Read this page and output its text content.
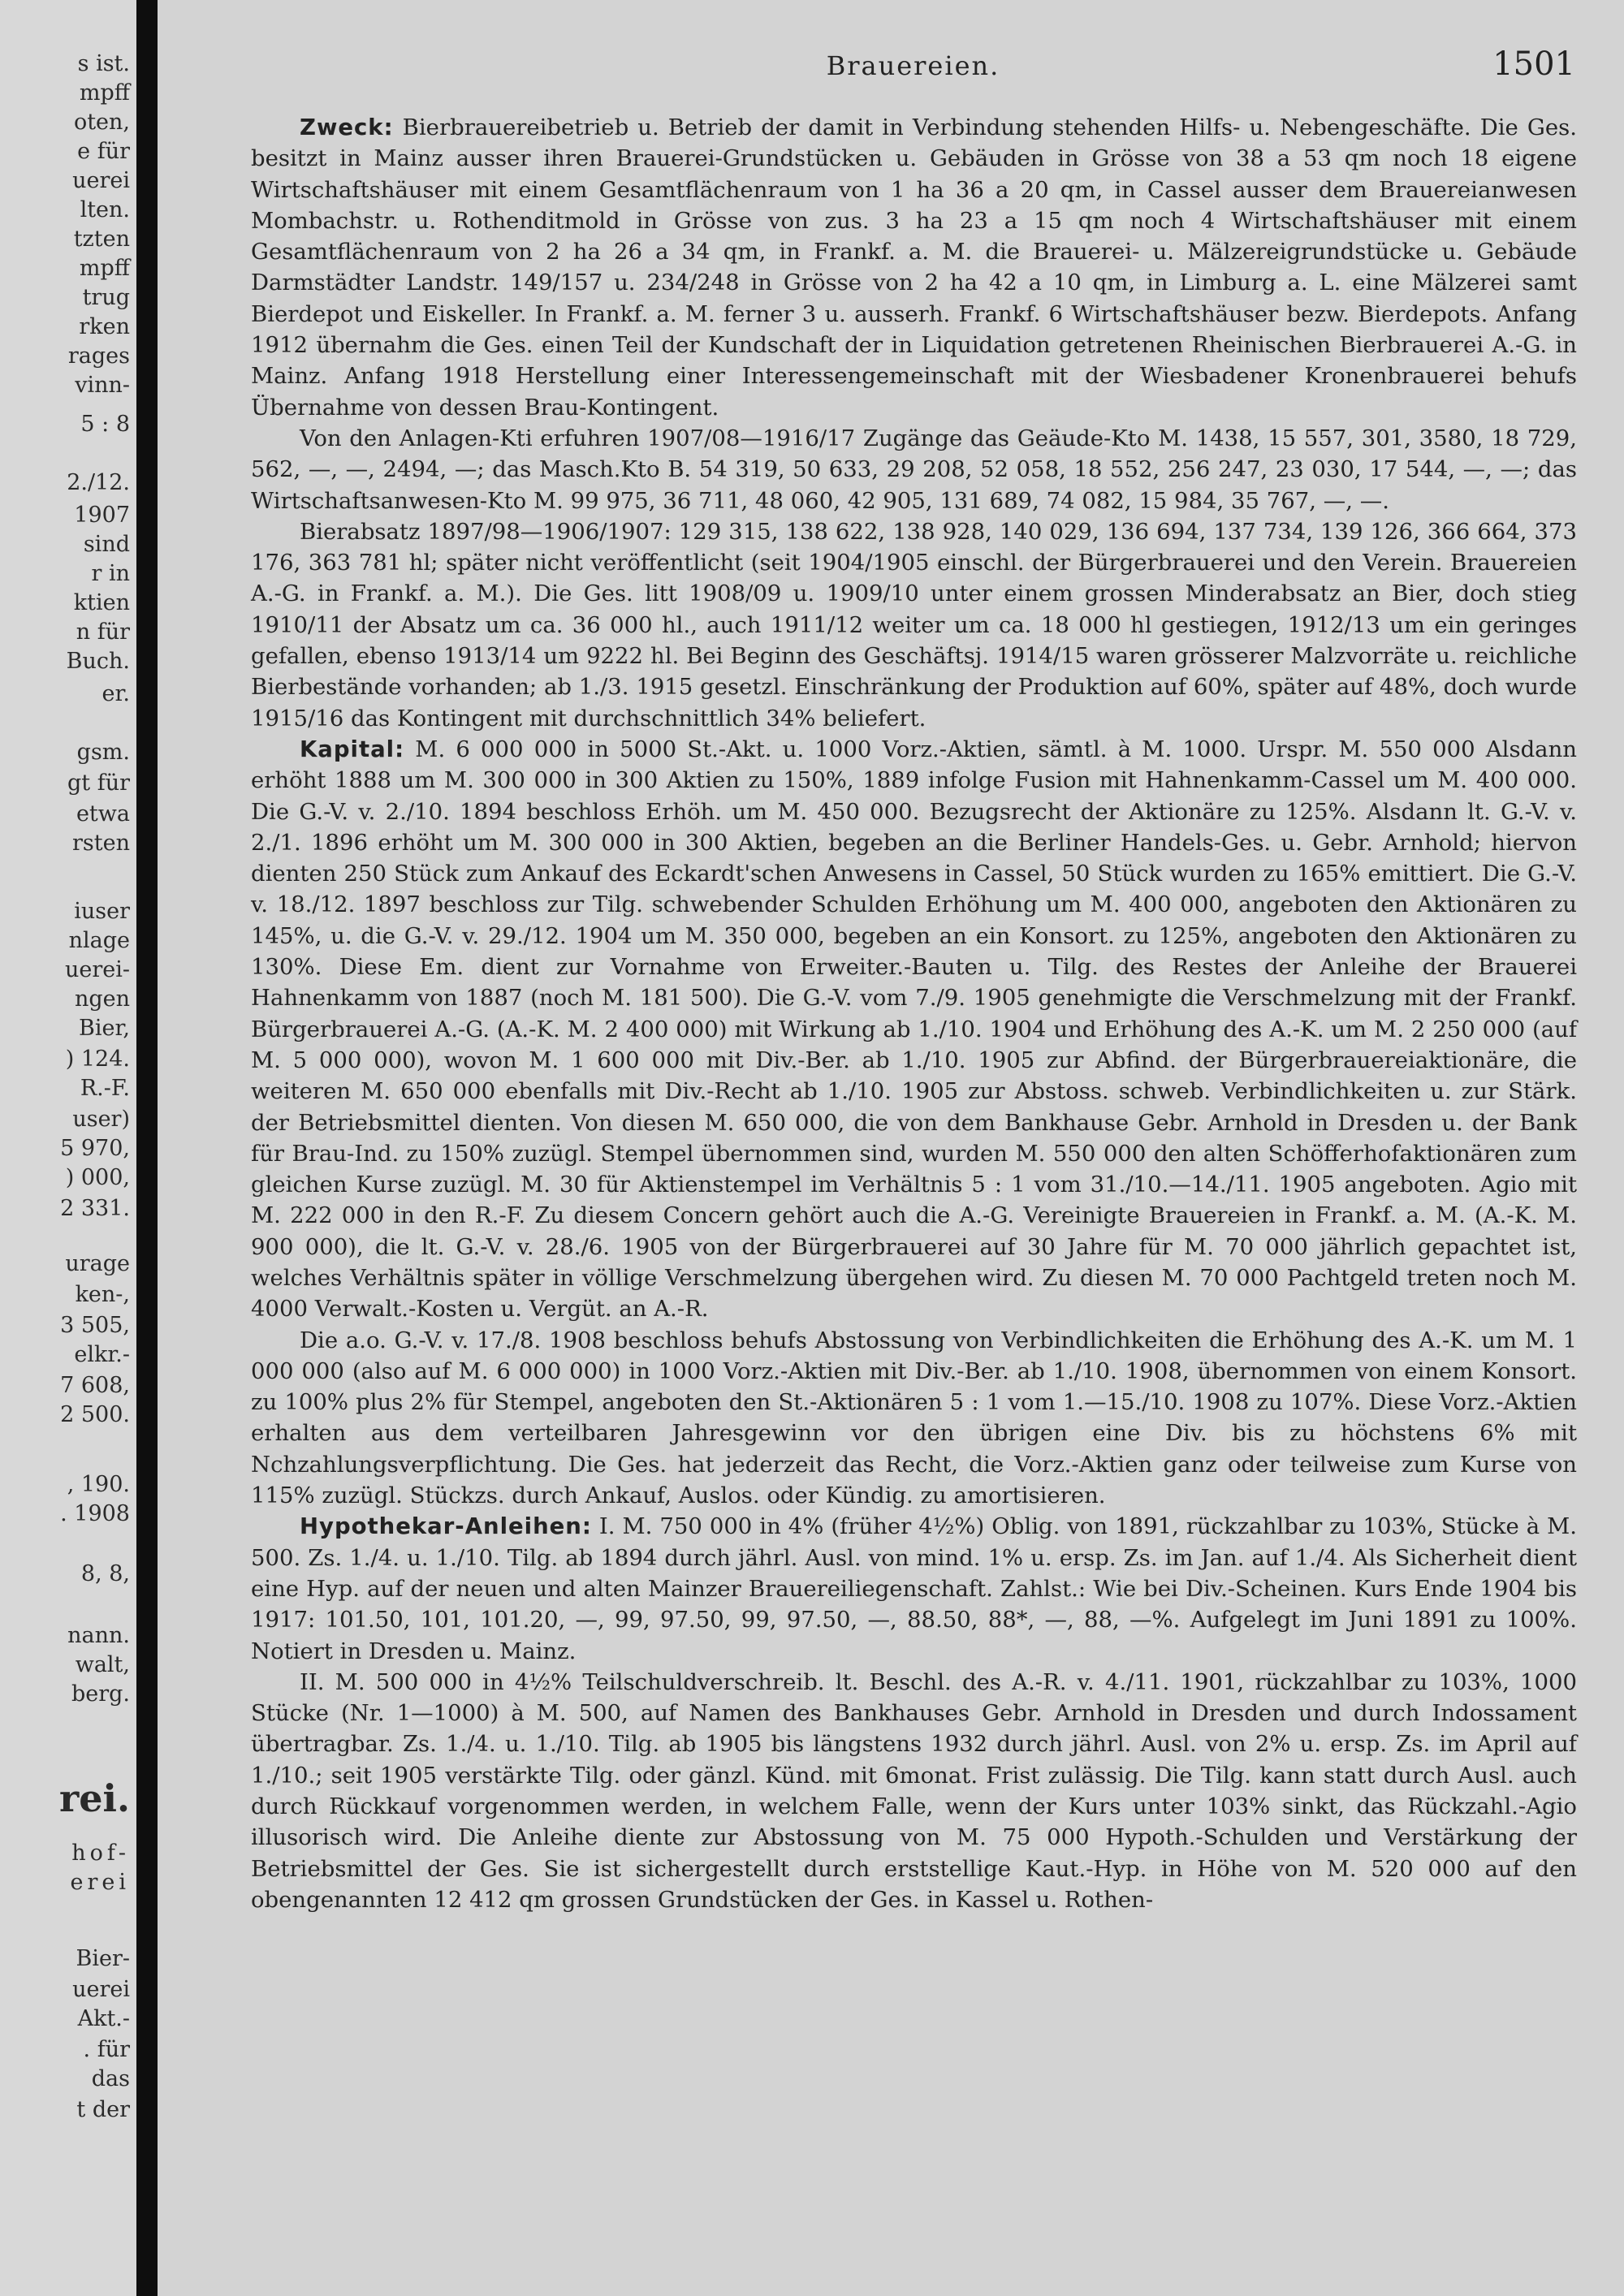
s ist.
mpff
oten,
e für
uerei
lten.
tzten
mpff
trug
rken
rages
vinn-
5 : 8
2./12.
1907
sind
r in
ktien
n für
Buch.
er.
gsm.
gt für
etwa
rsten
iuser
nlage
uerei-
ngen
Bier,
) 124.
R.-F.
user)
5 970,
) 000,
2 331.
urage
ken-,
3 505,
elkr.-
7 608,
2 500.
, 190.
. 1908
8, 8,
nann.
walt,
berg.
rei.
hof-
erei
Bier-
uerei
Akt.-
. für
das
t der
Brauereien.	1501

Zweck: Bierbrauereibetrieb u. Betrieb der damit in Verbindung stehenden Hilfs- u. Nebengeschäfte. Die Ges. besitzt in Mainz ausser ihren Brauerei-Grundstücken u. Gebäuden in Grösse von 38 a 53 qm noch 18 eigene Wirtschaftshäuser mit einem Gesamtflächenraum von 1 ha 36 a 20 qm, in Cassel ausser dem Brauereianwesen Mombachstr. u. Rothenditmold in Grösse von zus. 3 ha 23 a 15 qm noch 4 Wirtschaftshäuser mit einem Gesamtflächenraum von 2 ha 26 a 34 qm, in Frankf. a. M. die Brauerei- u. Mälzereigrundstücke u. Gebäude Darmstädter Landstr. 149/157 u. 234/248 in Grösse von 2 ha 42 a 10 qm, in Limburg a. L. eine Mälzerei samt Bierdepot und Eiskeller. In Frankf. a. M. ferner 3 u. ausserh. Frankf. 6 Wirtschaftshäuser bezw. Bierdepots. Anfang 1912 übernahm die Ges. einen Teil der Kundschaft der in Liquidation getretenen Rheinischen Bierbrauerei A.-G. in Mainz. Anfang 1918 Herstellung einer Interessengemeinschaft mit der Wiesbadener Kronenbrauerei behufs Übernahme von dessen Brau-Kontingent.

Von den Anlagen-Kti erfuhren 1907/08—1916/17 Zugänge das Geäude-Kto M. 1438, 15 557, 301, 3580, 18 729, 562, —, —, 2494, —; das Masch.Kto B. 54 319, 50 633, 29 208, 52 058, 18 552, 256 247, 23 030, 17 544, —, —; das Wirtschaftsanwesen-Kto M. 99 975, 36 711, 48 060, 42 905, 131 689, 74 082, 15 984, 35 767, —, —.

Bierabsatz 1897/98—1906/1907: 129 315, 138 622, 138 928, 140 029, 136 694, 137 734, 139 126, 366 664, 373 176, 363 781 hl; später nicht veröffentlicht (seit 1904/1905 einschl. der Bürgerbrauerei und den Verein. Brauereien A.-G. in Frankf. a. M.). Die Ges. litt 1908/09 u. 1909/10 unter einem grossen Minderabsatz an Bier, doch stieg 1910/11 der Absatz um ca. 36 000 hl., auch 1911/12 weiter um ca. 18 000 hl gestiegen, 1912/13 um ein geringes gefallen, ebenso 1913/14 um 9222 hl. Bei Beginn des Geschäftsj. 1914/15 waren grösserer Malzvorräte u. reichliche Bierbestände vorhanden; ab 1./3. 1915 gesetzl. Einschränkung der Produktion auf 60%, später auf 48%, doch wurde 1915/16 das Kontingent mit durchschnittlich 34% beliefert.

Kapital: M. 6 000 000 in 5000 St.-Akt. u. 1000 Vorz.-Aktien, sämtl. à M. 1000. Urspr. M. 550 000 Alsdann erhöht 1888 um M. 300 000 in 300 Aktien zu 150%, 1889 infolge Fusion mit Hahnenkamm-Cassel um M. 400 000. Die G.-V. v. 2./10. 1894 beschloss Erhöh. um M. 450 000. Bezugsrecht der Aktionäre zu 125%. Alsdann lt. G.-V. v. 2./1. 1896 erhöht um M. 300 000 in 300 Aktien, begeben an die Berliner Handels-Ges. u. Gebr. Arnhold; hiervon dienten 250 Stück zum Ankauf des Eckardt'schen Anwesens in Cassel, 50 Stück wurden zu 165% emittiert. Die G.-V. v. 18./12. 1897 beschloss zur Tilg. schwebender Schulden Erhöhung um M. 400 000, angeboten den Aktionären zu 145%, u. die G.-V. v. 29./12. 1904 um M. 350 000, begeben an ein Konsort. zu 125%, angeboten den Aktionären zu 130%. Diese Em. dient zur Vornahme von Erweiter.-Bauten u. Tilg. des Restes der Anleihe der Brauerei Hahnenkamm von 1887 (noch M. 181 500). Die G.-V. vom 7./9. 1905 genehmigte die Verschmelzung mit der Frankf. Bürgerbrauerei A.-G. (A.-K. M. 2 400 000) mit Wirkung ab 1./10. 1904 und Erhöhung des A.-K. um M. 2 250 000 (auf M. 5 000 000), wovon M. 1 600 000 mit Div.-Ber. ab 1./10. 1905 zur Abfind. der Bürgerbrauereiaktionäre, die weiteren M. 650 000 ebenfalls mit Div.-Recht ab 1./10. 1905 zur Abstoss. schweb. Verbindlichkeiten u. zur Stärk. der Betriebsmittel dienten. Von diesen M. 650 000, die von dem Bankhause Gebr. Arnhold in Dresden u. der Bank für Brau-Ind. zu 150% zuzügl. Stempel übernommen sind, wurden M. 550 000 den alten Schöfferhofaktionären zum gleichen Kurse zuzügl. M. 30 für Aktienstempel im Verhältnis 5 : 1 vom 31./10.—14./11. 1905 angeboten. Agio mit M. 222 000 in den R.-F. Zu diesem Concern gehört auch die A.-G. Vereinigte Brauereien in Frankf. a. M. (A.-K. M. 900 000), die lt. G.-V. v. 28./6. 1905 von der Bürgerbrauerei auf 30 Jahre für M. 70 000 jährlich gepachtet ist, welches Verhältnis später in völlige Verschmelzung übergehen wird. Zu diesen M. 70 000 Pachtgeld treten noch M. 4000 Verwalt.-Kosten u. Vergüt. an A.-R.

Die a.o. G.-V. v. 17./8. 1908 beschloss behufs Abstossung von Verbindlichkeiten die Erhöhung des A.-K. um M. 1 000 000 (also auf M. 6 000 000) in 1000 Vorz.-Aktien mit Div.-Ber. ab 1./10. 1908, übernommen von einem Konsort. zu 100% plus 2% für Stempel, angeboten den St.-Aktionären 5 : 1 vom 1.—15./10. 1908 zu 107%. Diese Vorz.-Aktien erhalten aus dem verteilbaren Jahresgewinn vor den übrigen eine Div. bis zu höchstens 6% mit Nchzahlungsverpflichtung. Die Ges. hat jederzeit das Recht, die Vorz.-Aktien ganz oder teilweise zum Kurse von 115% zuzügl. Stückzs. durch Ankauf, Auslos. oder Kündig. zu amortisieren.

Hypothekar-Anleihen: I. M. 750 000 in 4% (früher 4½%) Oblig. von 1891, rückzahlbar zu 103%, Stücke à M. 500. Zs. 1./4. u. 1./10. Tilg. ab 1894 durch jährl. Ausl. von mind. 1% u. ersp. Zs. im Jan. auf 1./4. Als Sicherheit dient eine Hyp. auf der neuen und alten Mainzer Brauereiliegenschaft. Zahlst.: Wie bei Div.-Scheinen. Kurs Ende 1904 bis 1917: 101.50, 101, 101.20, —, 99, 97.50, 99, 97.50, —, 88.50, 88*, —, 88, —%. Aufgelegt im Juni 1891 zu 100%. Notiert in Dresden u. Mainz.

II. M. 500 000 in 4½% Teilschuldverschreib. lt. Beschl. des A.-R. v. 4./11. 1901, rückzahlbar zu 103%, 1000 Stücke (Nr. 1—1000) à M. 500, auf Namen des Bankhauses Gebr. Arnhold in Dresden und durch Indossament übertragbar. Zs. 1./4. u. 1./10. Tilg. ab 1905 bis längstens 1932 durch jährl. Ausl. von 2% u. ersp. Zs. im April auf 1./10.; seit 1905 verstärkte Tilg. oder gänzl. Künd. mit 6monat. Frist zulässig. Die Tilg. kann statt durch Ausl. auch durch Rückkauf vorgenommen werden, in welchem Falle, wenn der Kurs unter 103% sinkt, das Rückzahl.-Agio illusorisch wird. Die Anleihe diente zur Abstossung von M. 75 000 Hypoth.-Schulden und Verstärkung der Betriebsmittel der Ges. Sie ist sichergestellt durch erststellige Kaut.-Hyp. in Höhe von M. 520 000 auf den obengenannten 12 412 qm grossen Grundstücken der Ges. in Kassel u. Rothen-
